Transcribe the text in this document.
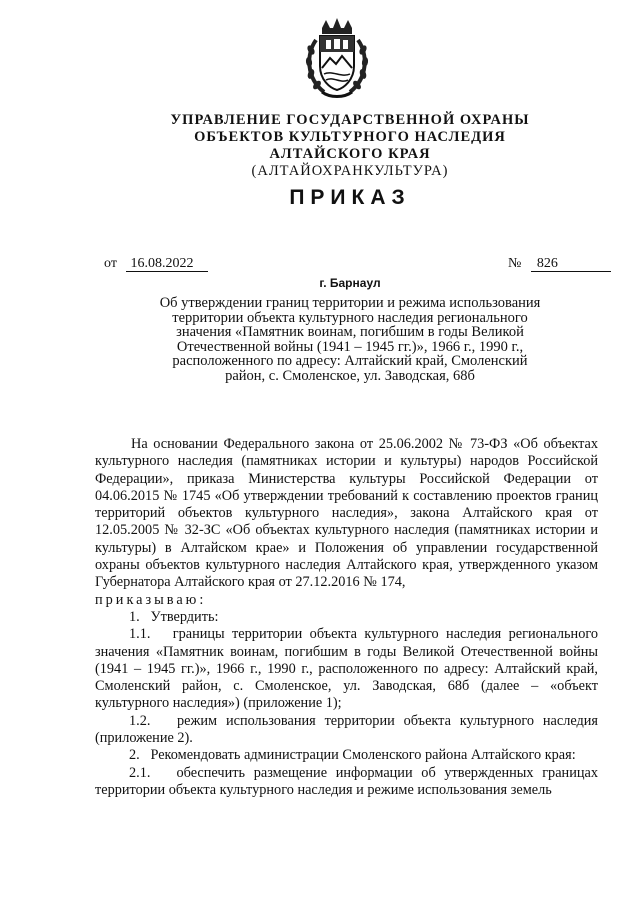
УПРАВЛЕНИЕ ГОСУДАРСТВЕННОЙ ОХРАНЫ
ОБЪЕКТОВ КУЛЬТУРНОГО НАСЛЕДИЯ
АЛТАЙСКОГО КРАЯ
(АЛТАЙОХРАНКУЛЬТУРА)
ПРИКАЗ
от 16.08.2022	№ 826
г. Барнаул
Об утверждении границ территории и режима использования
территории объекта культурного наследия регионального
значения «Памятник воинам, погибшим в годы Великой
Отечественной войны (1941 – 1945 гг.)», 1966 г., 1990 г.,
расположенного по адресу: Алтайский край, Смоленский
район, с. Смоленское, ул. Заводская, 68б

На основании Федерального закона от 25.06.2002 № 73-ФЗ «Об объектах культурного наследия (памятниках истории и культуры) народов Российской Федерации», приказа Министерства культуры Российской Федерации от 04.06.2015 № 1745 «Об утверждении требований к составлению проектов границ территорий объектов культурного наследия», закона Алтайского края от 12.05.2005 № 32-ЗС «Об объектах культурного наследия (памятниках истории и культуры) в Алтайском крае» и Положения об управлении государственной охраны объектов культурного наследия Алтайского края, утвержденного указом Губернатора Алтайского края от 27.12.2016 № 174,

приказываю:

1.   Утвердить:

1.1.   границы территории объекта культурного наследия регионального значения «Памятник воинам, погибшим в годы Великой Отечественной войны (1941 – 1945 гг.)», 1966 г., 1990 г., расположенного по адресу: Алтайский край, Смоленский район, с. Смоленское, ул. Заводская, 68б (далее – «объект культурного наследия») (приложение 1);

1.2.   режим использования территории объекта культурного наследия (приложение 2).

2.   Рекомендовать администрации Смоленского района Алтайского края:

2.1.   обеспечить размещение информации об утвержденных границах территории объекта культурного наследия и режиме использования земель
